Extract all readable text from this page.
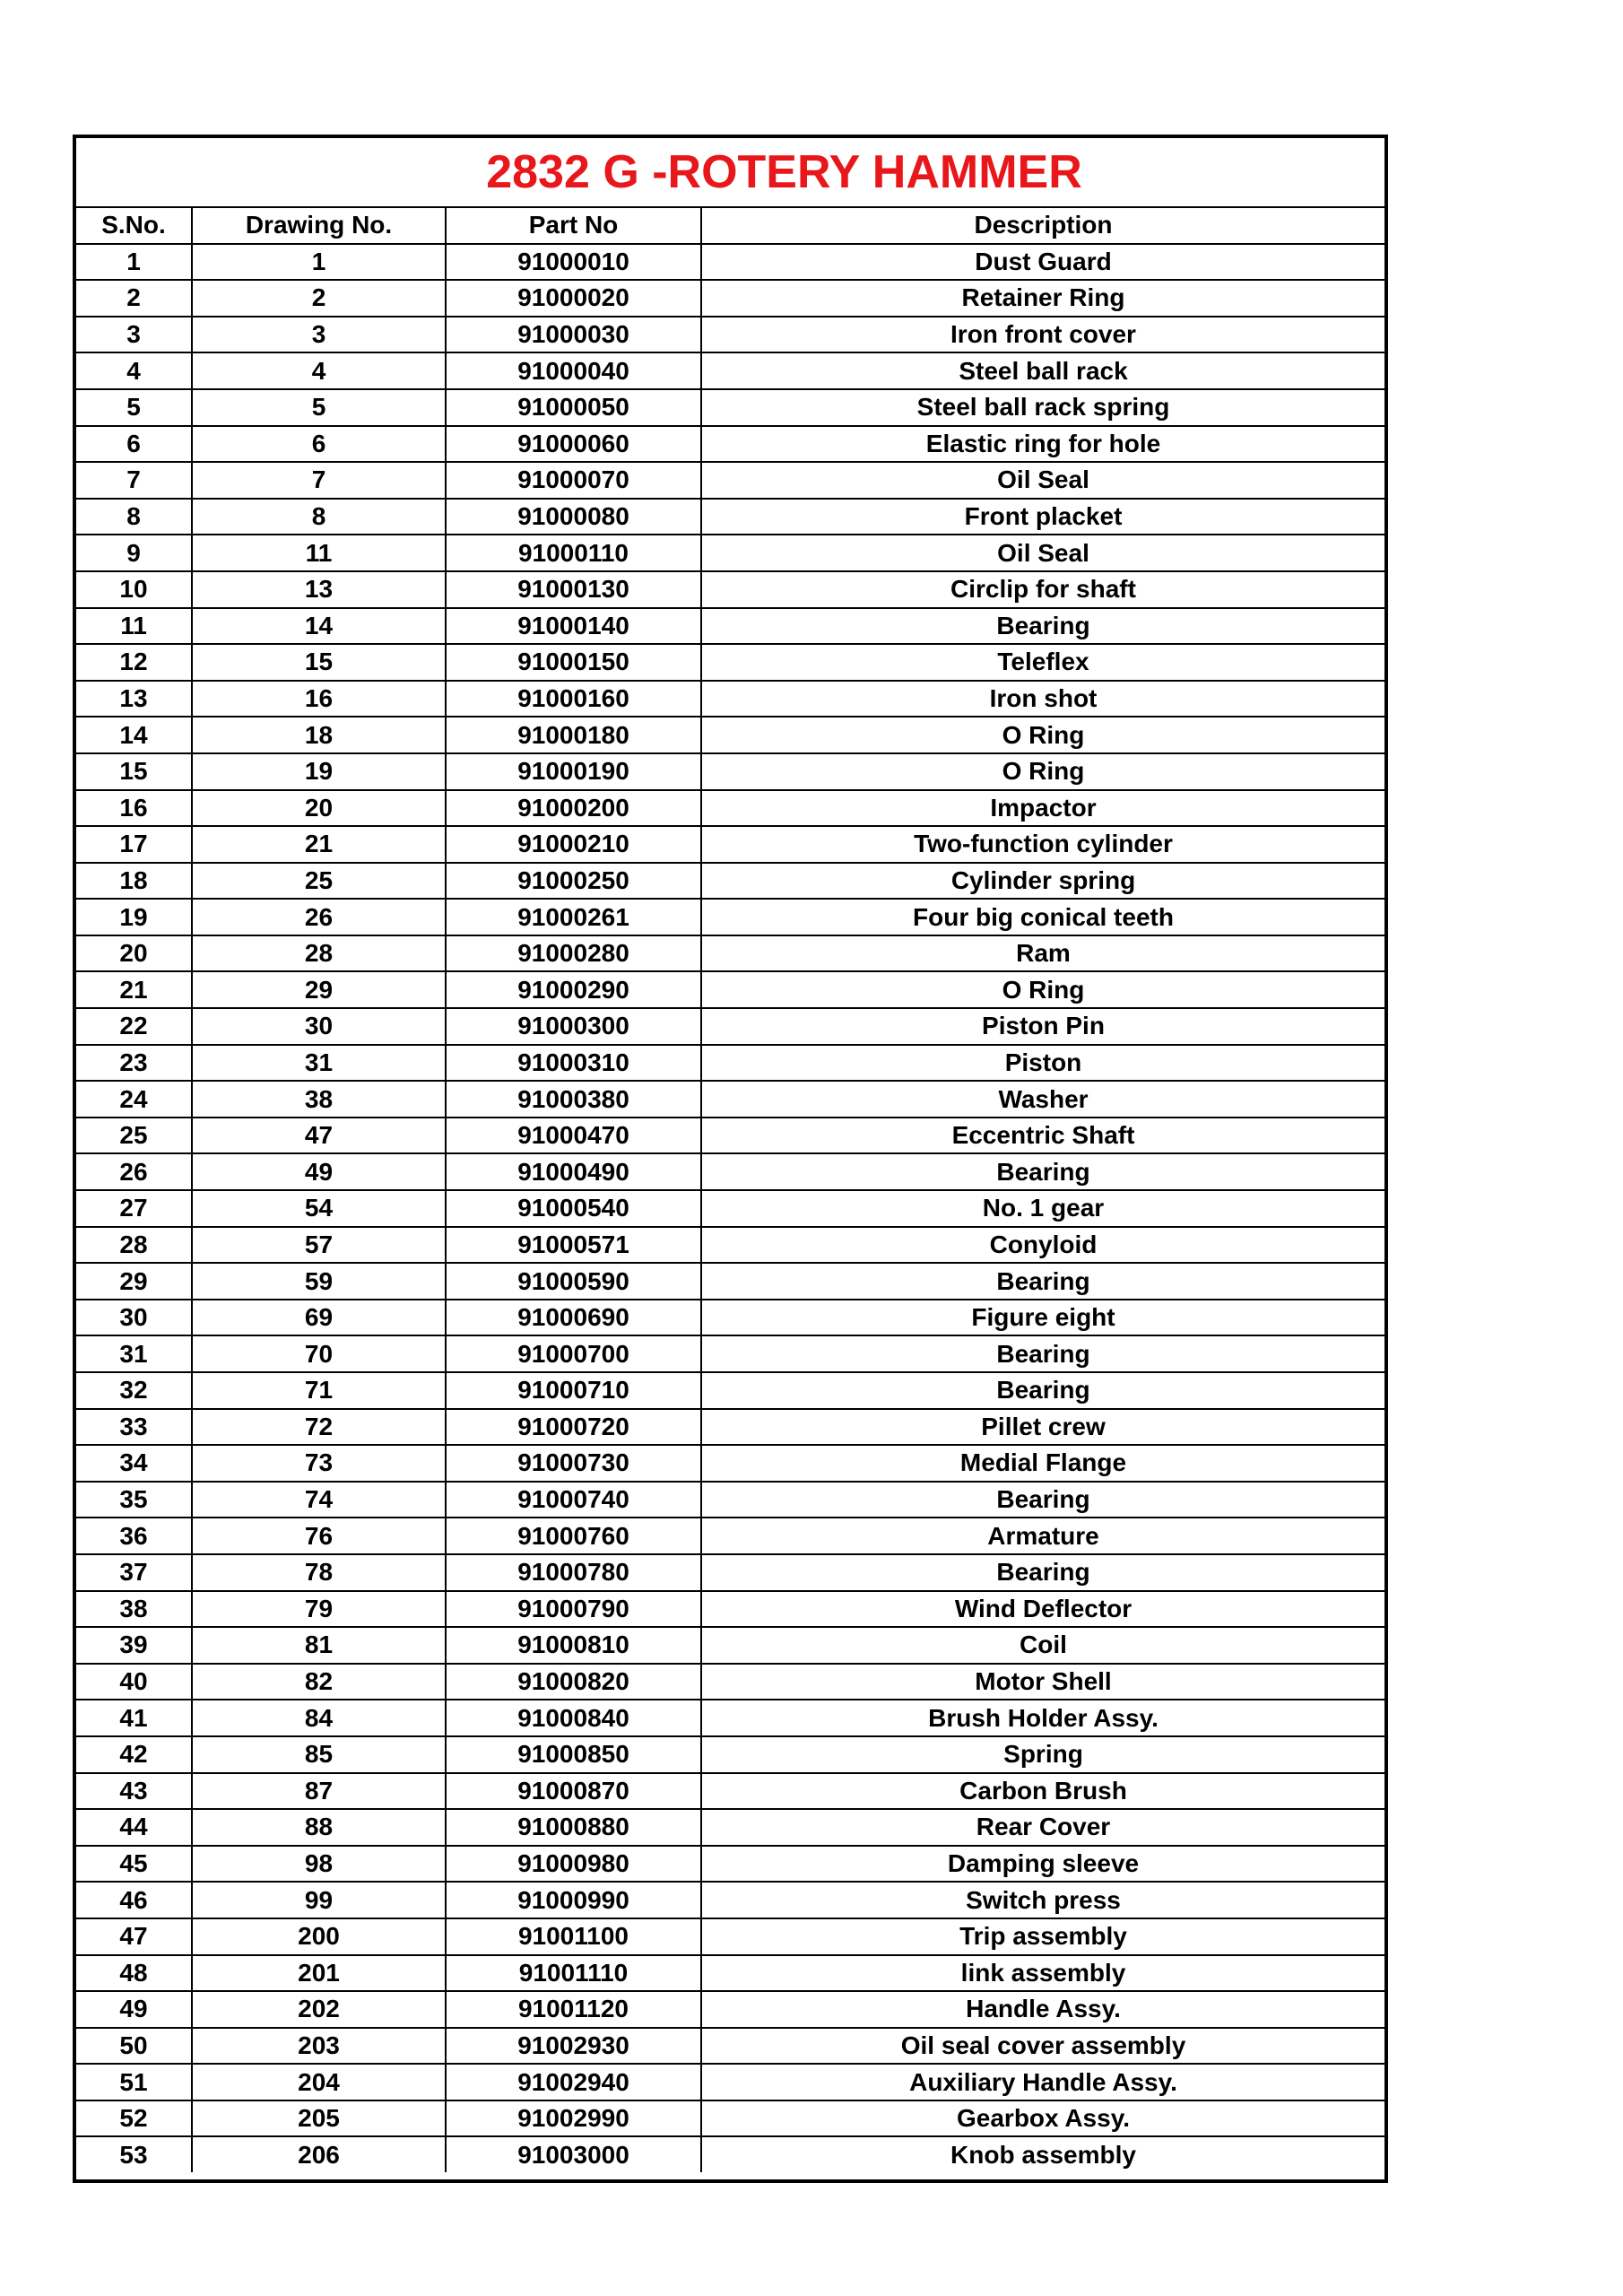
2832 G -ROTERY HAMMER			
S.No.	Drawing No.	Part No	Description
1	1	91000010	Dust Guard
2	2	91000020	Retainer Ring
3	3	91000030	Iron front cover
4	4	91000040	Steel ball rack
5	5	91000050	Steel ball rack spring
6	6	91000060	Elastic ring for hole
7	7	91000070	Oil Seal
8	8	91000080	Front placket
9	11	91000110	Oil Seal
10	13	91000130	Circlip for shaft
11	14	91000140	Bearing
12	15	91000150	Teleflex
13	16	91000160	Iron shot
14	18	91000180	O Ring
15	19	91000190	O Ring
16	20	91000200	Impactor
17	21	91000210	Two-function cylinder
18	25	91000250	Cylinder spring
19	26	91000261	Four big conical teeth
20	28	91000280	Ram
21	29	91000290	O Ring
22	30	91000300	Piston Pin
23	31	91000310	Piston
24	38	91000380	Washer
25	47	91000470	Eccentric Shaft
26	49	91000490	Bearing
27	54	91000540	No. 1 gear
28	57	91000571	Conyloid
29	59	91000590	Bearing
30	69	91000690	Figure eight
31	70	91000700	Bearing
32	71	91000710	Bearing
33	72	91000720	Pillet crew
34	73	91000730	Medial Flange
35	74	91000740	Bearing
36	76	91000760	Armature
37	78	91000780	Bearing
38	79	91000790	Wind Deflector
39	81	91000810	Coil
40	82	91000820	Motor Shell
41	84	91000840	Brush Holder Assy.
42	85	91000850	Spring
43	87	91000870	Carbon Brush
44	88	91000880	Rear Cover
45	98	91000980	Damping sleeve
46	99	91000990	Switch press
47	200	91001100	Trip assembly
48	201	91001110	link assembly
49	202	91001120	Handle Assy.
50	203	91002930	Oil seal cover assembly
51	204	91002940	Auxiliary Handle Assy.
52	205	91002990	Gearbox Assy.
53	206	91003000	Knob assembly
